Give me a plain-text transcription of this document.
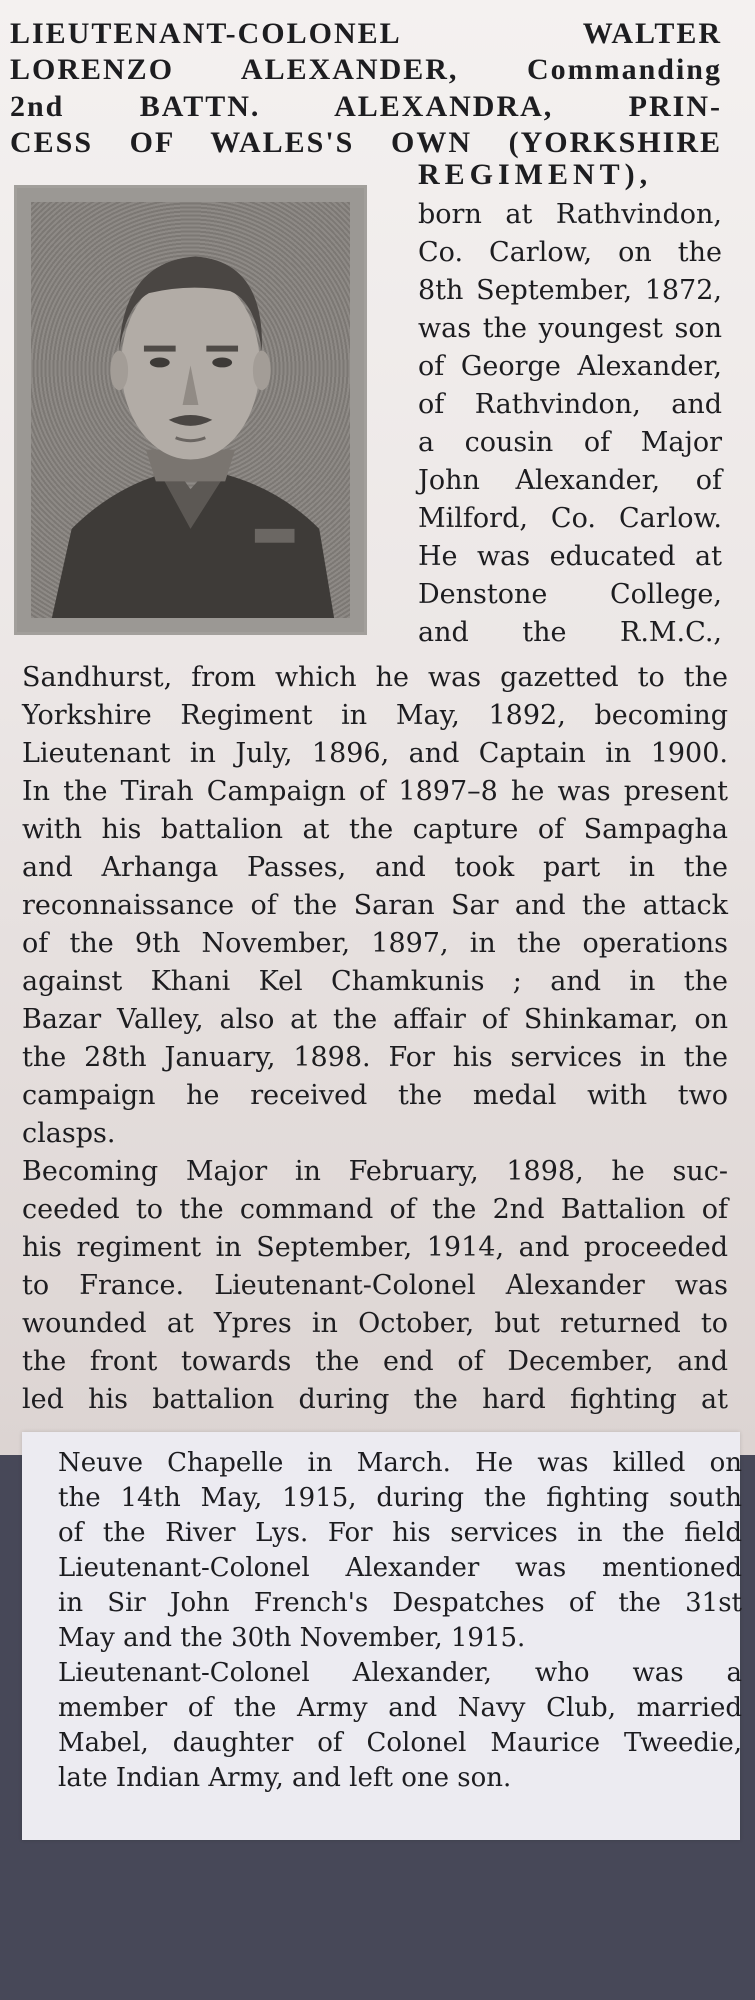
LIEUTENANT-COLONEL WALTER
LORENZO ALEXANDER, Commanding
2nd BATTN. ALEXANDRA, PRIN-
CESS OF WALES'S OWN (YORKSHIRE
REGIMENT),
born at Rathvindon,
Co. Carlow, on the
8th September, 1872,
was the youngest son
of George Alexander,
of Rathvindon, and
a cousin of Major
John Alexander, of
Milford, Co. Carlow.
He was educated at
Denstone College,
and the R.M.C.,
Sandhurst, from which he was gazetted to the
Yorkshire Regiment in May, 1892, becoming
Lieutenant in July, 1896, and Captain in 1900.
In the Tirah Campaign of 1897–8 he was present
with his battalion at the capture of Sampagha
and Arhanga Passes, and took part in the
reconnaissance of the Saran Sar and the attack
of the 9th November, 1897, in the operations
against Khani Kel Chamkunis ; and in the
Bazar Valley, also at the affair of Shinkamar, on
the 28th January, 1898. For his services in the
campaign he received the medal with two
clasps.
Becoming Major in February, 1898, he suc-
ceeded to the command of the 2nd Battalion of
his regiment in September, 1914, and proceeded
to France. Lieutenant-Colonel Alexander was
wounded at Ypres in October, but returned to
the front towards the end of December, and
led his battalion during the hard fighting at
Neuve Chapelle in March. He was killed on
the 14th May, 1915, during the fighting south
of the River Lys. For his services in the field
Lieutenant-Colonel Alexander was mentioned
in Sir John French's Despatches of the 31st
May and the 30th November, 1915.
Lieutenant-Colonel Alexander, who was a
member of the Army and Navy Club, married
Mabel, daughter of Colonel Maurice Tweedie,
late Indian Army, and left one son.
